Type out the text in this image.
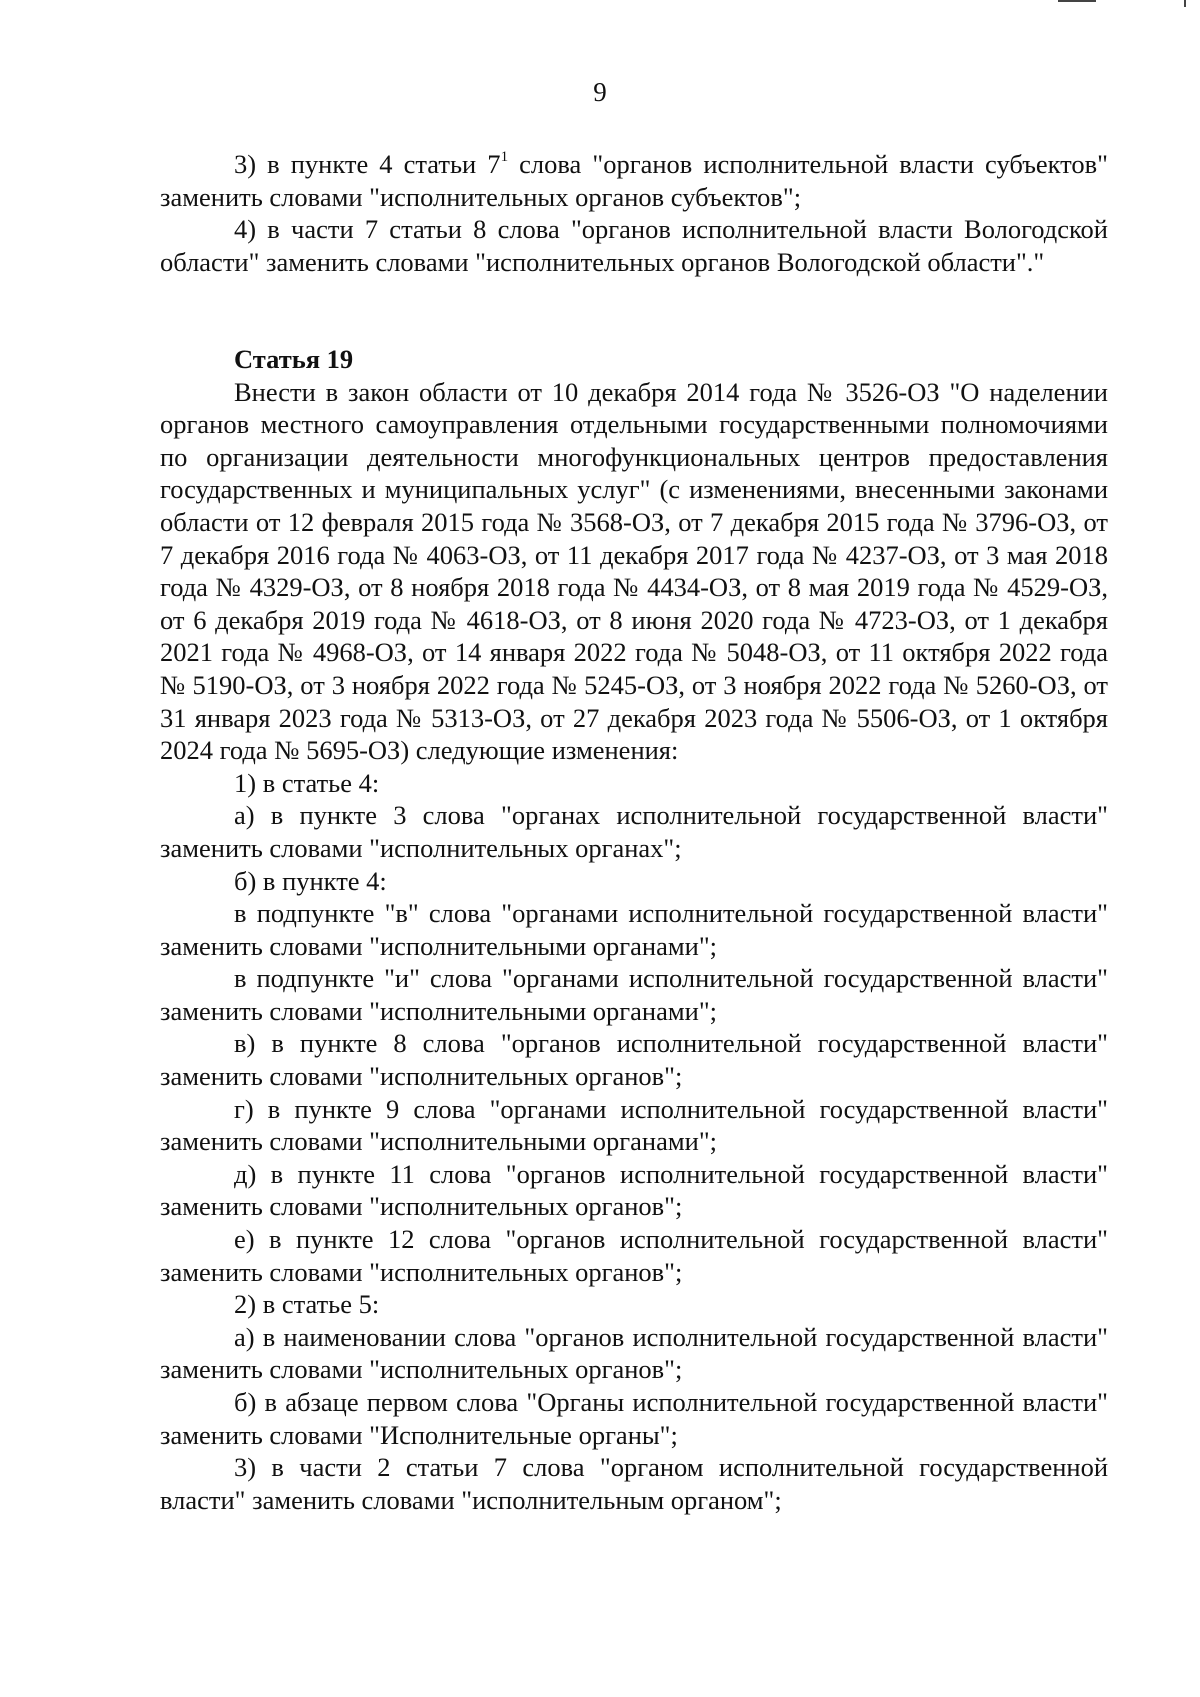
9

3) в пункте 4 статьи $7^1$ слова "органов исполнительной власти субъектов" заменить словами "исполнительных органов субъектов";

4) в части 7 статьи 8 слова "органов исполнительной власти Вологодской области" заменить словами "исполнительных органов Вологодской области"."

Статья 19

Внести в закон области от 10 декабря 2014 года № 3526-ОЗ "О наделении органов местного самоуправления отдельными государственными полномочиями по организации деятельности многофункциональных центров предоставления государственных и муниципальных услуг" (с изменениями, внесенными законами области от 12 февраля 2015 года № 3568-ОЗ, от 7 декабря 2015 года № 3796-ОЗ, от 7 декабря 2016 года № 4063-ОЗ, от 11 декабря 2017 года № 4237-ОЗ, от 3 мая 2018 года № 4329-ОЗ, от 8 ноября 2018 года № 4434-ОЗ, от 8 мая 2019 года № 4529-ОЗ, от 6 декабря 2019 года № 4618-ОЗ, от 8 июня 2020 года № 4723-ОЗ, от 1 декабря 2021 года № 4968-ОЗ, от 14 января 2022 года № 5048-ОЗ, от 11 октября 2022 года № 5190-ОЗ, от 3 ноября 2022 года № 5245-ОЗ, от 3 ноября 2022 года № 5260-ОЗ, от 31 января 2023 года № 5313-ОЗ, от 27 декабря 2023 года № 5506-ОЗ, от 1 октября 2024 года № 5695-ОЗ) следующие изменения:

1) в статье 4:

а) в пункте 3 слова "органах исполнительной государственной власти" заменить словами "исполнительных органах";

б) в пункте 4:

в подпункте "в" слова "органами исполнительной государственной власти" заменить словами "исполнительными органами";

в подпункте "и" слова "органами исполнительной государственной власти" заменить словами "исполнительными органами";

в) в пункте 8 слова "органов исполнительной государственной власти" заменить словами "исполнительных органов";

г) в пункте 9 слова "органами исполнительной государственной власти" заменить словами "исполнительными органами";

д) в пункте 11 слова "органов исполнительной государственной власти" заменить словами "исполнительных органов";

е) в пункте 12 слова "органов исполнительной государственной власти" заменить словами "исполнительных органов";

2) в статье 5:

а) в наименовании слова "органов исполнительной государственной власти" заменить словами "исполнительных органов";

б) в абзаце первом слова "Органы исполнительной государственной власти" заменить словами "Исполнительные органы";

3) в части 2 статьи 7 слова "органом исполнительной государственной власти" заменить словами "исполнительным органом";
